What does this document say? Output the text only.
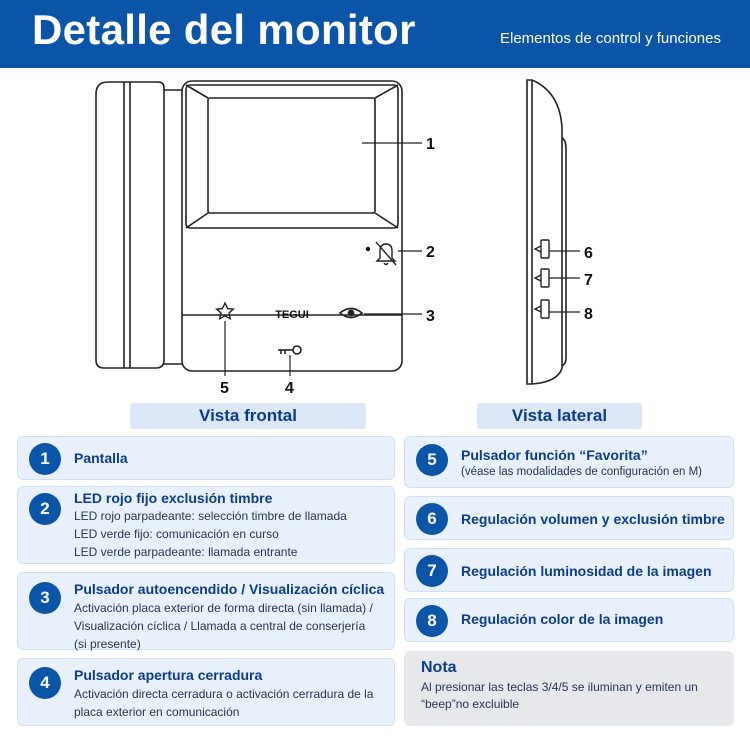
Detalle del monitor	Elementos de control y funciones
TEGUI
1
2
3
5	4
6
7
8
Vista frontal	Vista lateral
1	Pantalla
2
LED rojo fijo exclusión timbre
LED rojo parpadeante: selección timbre de llamada
LED verde fijo: comunicación en curso
LED verde parpadeante: llamada entrante
3	Pulsador autoencendido / Visualización cíclica
Activación placa exterior de forma directa (sin llamada) /
Visualización cíclica / Llamada a central de conserjería
(si presente)
4	Pulsador apertura cerradura
Activación directa cerradura o activación cerradura de la
placa exterior en comunicación
5	Pulsador función “Favorita”
(véase las modalidades de configuración en M)
6	Regulación volumen y exclusión timbre
7	Regulación luminosidad de la imagen
8	Regulación color de la imagen
Nota
Al presionar las teclas 3/4/5 se iluminan y emiten un “beep”no excluible
